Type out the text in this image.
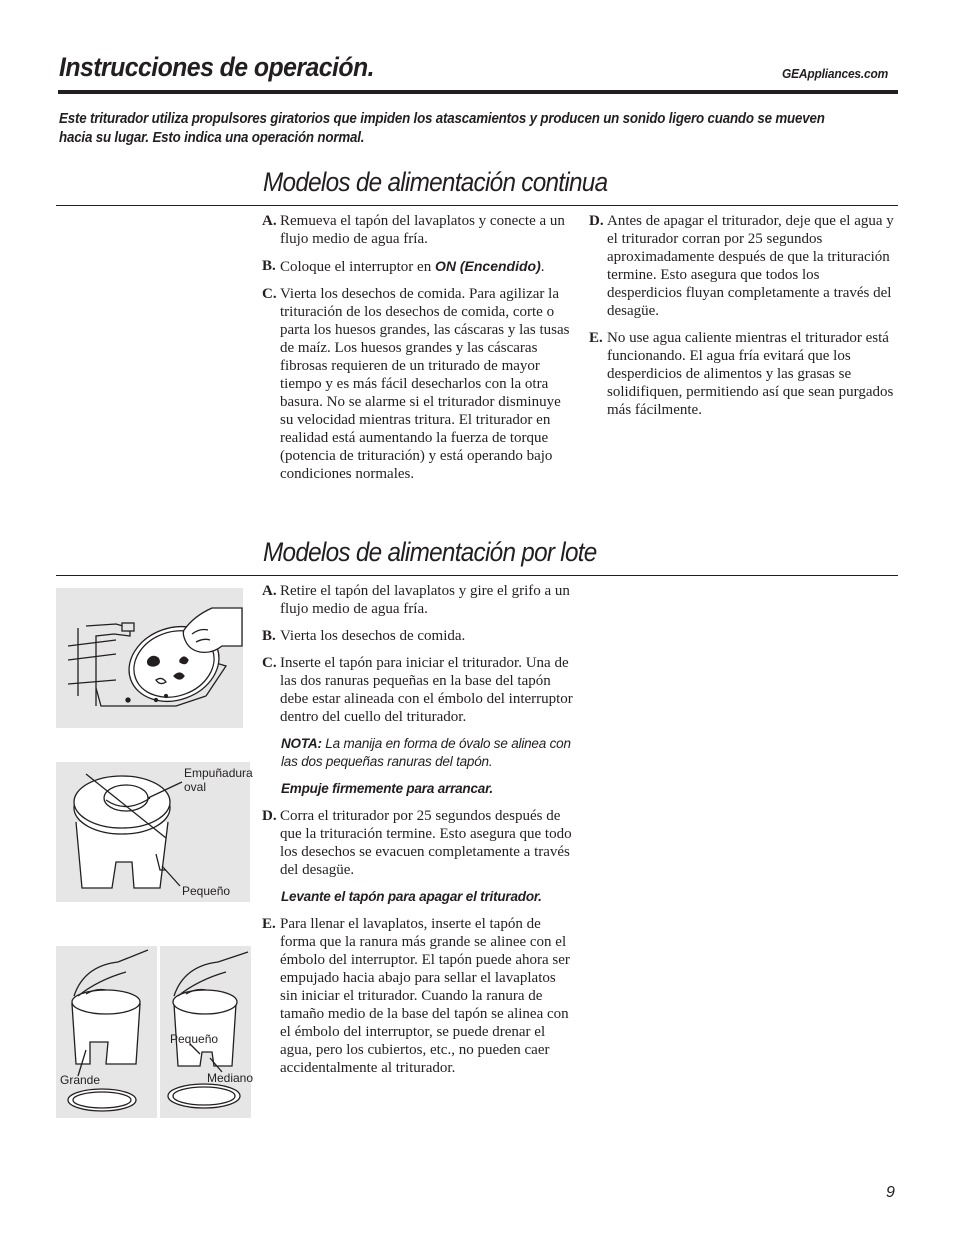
Instrucciones de operación.	GEAppliances.com
Este triturador utiliza propulsores giratorios que impiden los atascamientos y producen un sonido ligero cuando se mueven hacia su lugar. Esto indica una operación normal.
Modelos de alimentación continua
A. Remueva el tapón del lavaplatos y conecte a un flujo medio de agua fría.
B. Coloque el interruptor en ON (Encendido).
C. Vierta los desechos de comida. Para agilizar la trituración de los desechos de comida, corte o parta los huesos grandes, las cáscaras y las tusas de maíz. Los huesos grandes y las cáscaras fibrosas requieren de un triturado de mayor tiempo y es más fácil desecharlos con la otra basura. No se alarme si el triturador disminuye su velocidad mientras tritura. El triturador en realidad está aumentando la fuerza de torque (potencia de trituración) y está operando bajo condiciones normales.
D. Antes de apagar el triturador, deje que el agua y el triturador corran por 25 segundos aproximadamente después de que la trituración termine. Esto asegura que todos los desperdicios fluyan completamente a través del desagüe.
E. No use agua caliente mientras el triturador está funcionando. El agua fría evitará que los desperdicios de alimentos y las grasas se solidifiquen, permitiendo así que sean purgados más fácilmente.
Modelos de alimentación por lote
A. Retire el tapón del lavaplatos y gire el grifo a un flujo medio de agua fría.
B. Vierta los desechos de comida.
C. Inserte el tapón para iniciar el triturador. Una de las dos ranuras pequeñas en la base del tapón debe estar alineada con el émbolo del interruptor dentro del cuello del triturador.
NOTA: La manija en forma de óvalo se alinea con las dos pequeñas ranuras del tapón.
Empuje firmemente para arrancar.
D. Corra el triturador por 25 segundos después de que la trituración termine. Esto asegura que todo los desechos se evacuen completamente a través del desagüe.
Levante el tapón para apagar el triturador.
E. Para llenar el lavaplatos, inserte el tapón de forma que la ranura más grande se alinee con el émbolo del interruptor. El tapón puede ahora ser empujado hacia abajo para sellar el lavaplatos sin iniciar el triturador. Cuando la ranura de tamaño medio de la base del tapón se alinea con el émbolo del interruptor, se puede drenar el agua, pero los cubiertos, etc., no pueden caer accidentalmente al triturador.
Empuñadura oval
Pequeño
Grande
Pequeño
Mediano
9
